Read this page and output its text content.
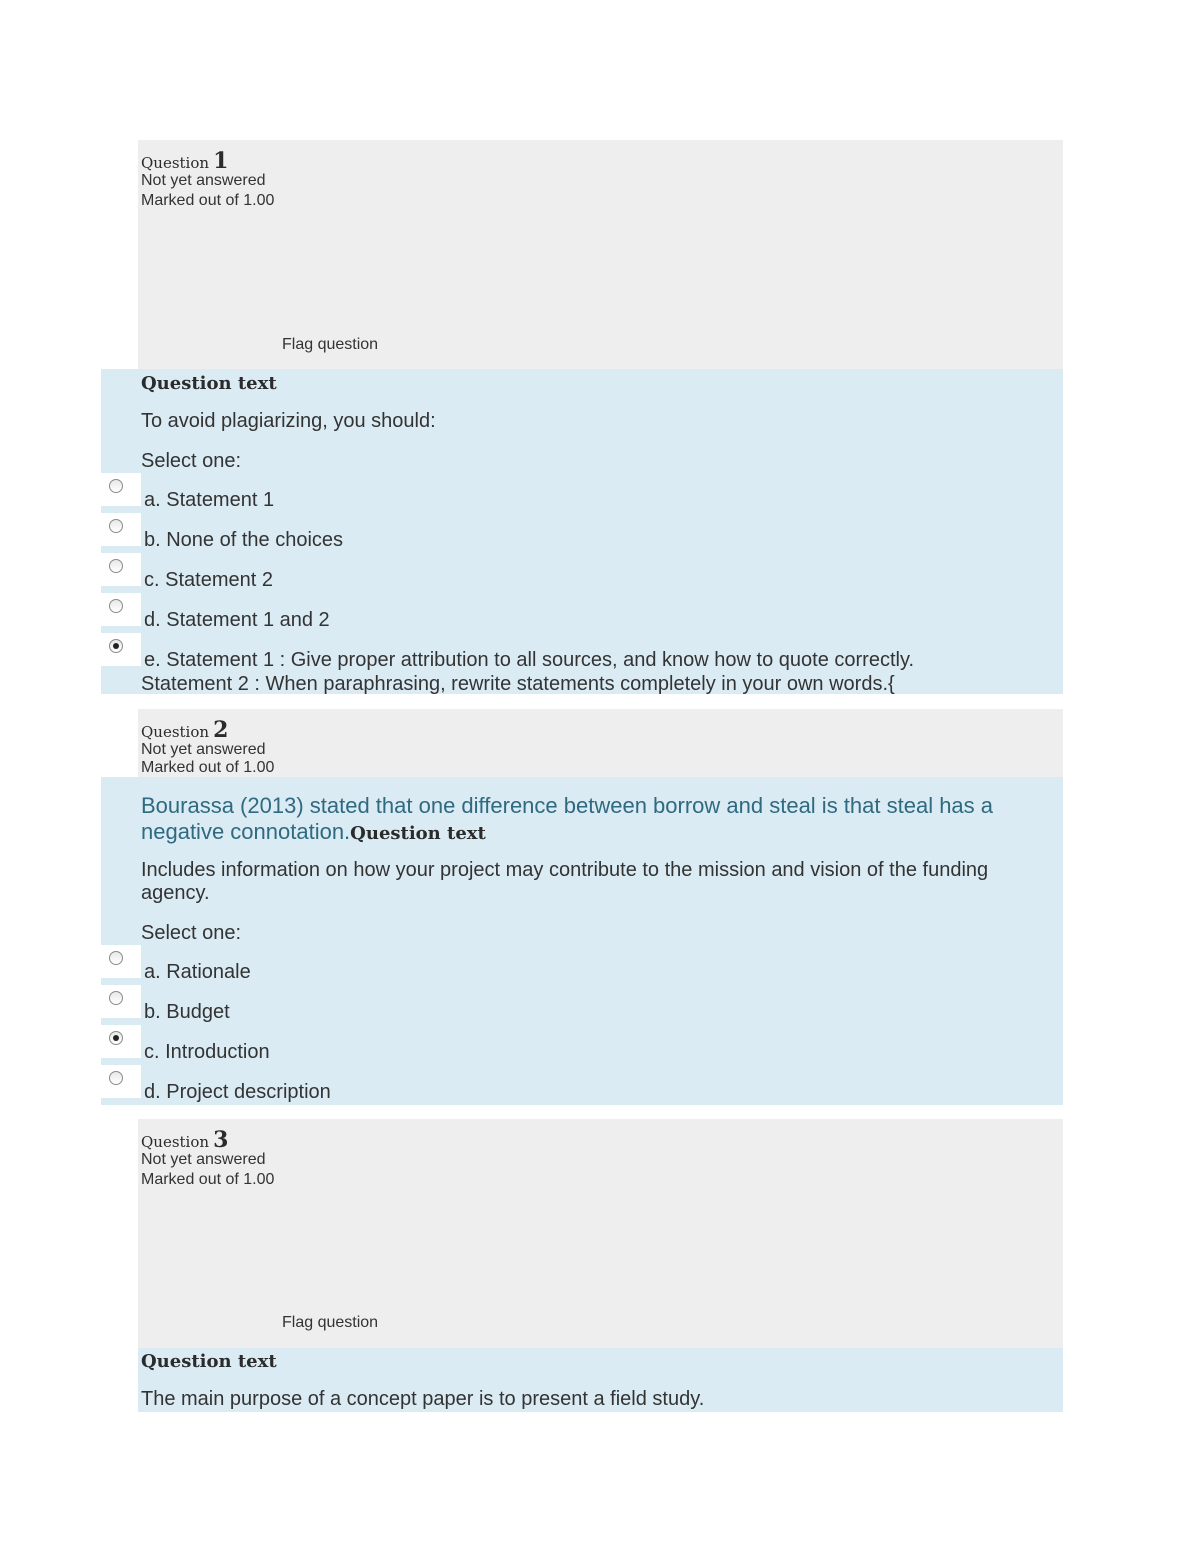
Question 1
Not yet answered
Marked out of 1.00
Flag question
Question text
To avoid plagiarizing, you should:
Select one:
a. Statement 1
b. None of the choices
c. Statement 2
d. Statement 1 and 2
e. Statement 1 : Give proper attribution to all sources, and know how to quote correctly.
Statement 2 : When paraphrasing, rewrite statements completely in your own words.{
Question 2
Not yet answered
Marked out of 1.00
Bourassa (2013) stated that one difference between borrow and steal is that steal has a negative connotation.Question text
Includes information on how your project may contribute to the mission and vision of the funding agency.
Select one:
a. Rationale
b. Budget
c. Introduction
d. Project description
Question 3
Not yet answered
Marked out of 1.00
Flag question
Question text
The main purpose of a concept paper is to present a field study.
